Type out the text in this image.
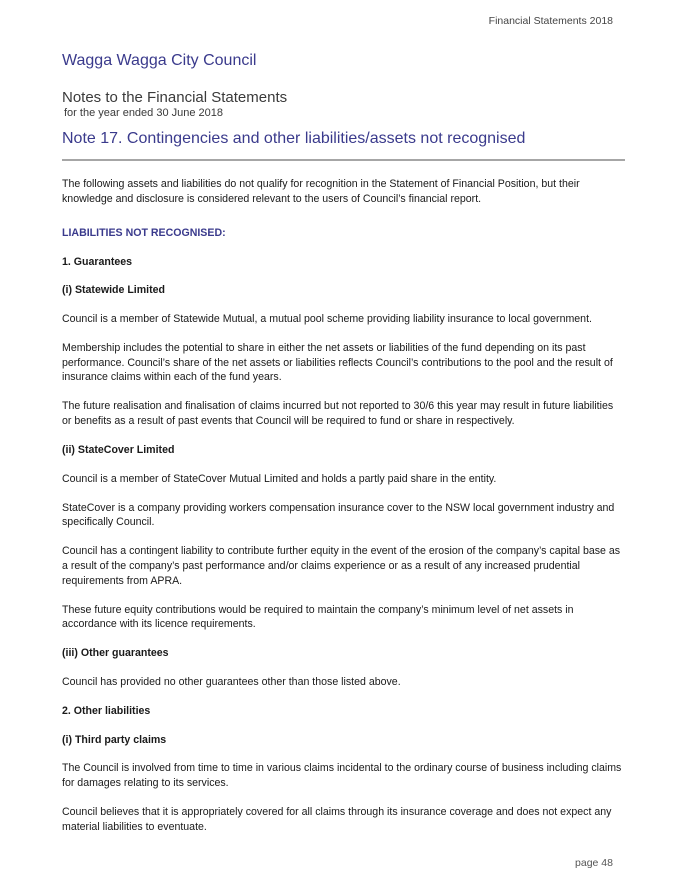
Financial Statements 2018
Wagga Wagga City Council
Notes to the Financial Statements
for the year ended 30 June 2018
Note 17. Contingencies and other liabilities/assets not recognised

The following assets and liabilities do not qualify for recognition in the Statement of Financial Position, but their knowledge and disclosure is considered relevant to the users of Council’s financial report.

LIABILITIES NOT RECOGNISED:

1. Guarantees

(i) Statewide Limited

Council is a member of Statewide Mutual, a mutual pool scheme providing liability insurance to local government.

Membership includes the potential to share in either the net assets or liabilities of the fund depending on its past performance. Council’s share of the net assets or liabilities reflects Council’s contributions to the pool and the result of insurance claims within each of the fund years.

The future realisation and finalisation of claims incurred but not reported to 30/6 this year may result in future liabilities or benefits as a result of past events that Council will be required to fund or share in respectively.

(ii) StateCover Limited

Council is a member of StateCover Mutual Limited and holds a partly paid share in the entity.

StateCover is a company providing workers compensation insurance cover to the NSW local government industry and specifically Council.

Council has a contingent liability to contribute further equity in the event of the erosion of the company’s capital base as a result of the company’s past performance and/or claims experience or as a result of any increased prudential requirements from APRA.

These future equity contributions would be required to maintain the company’s minimum level of net assets in accordance with its licence requirements.

(iii) Other guarantees

Council has provided no other guarantees other than those listed above.

2. Other liabilities

(i) Third party claims

The Council is involved from time to time in various claims incidental to the ordinary course of business including claims for damages relating to its services.

Council believes that it is appropriately covered for all claims through its insurance coverage and does not expect any material liabilities to eventuate.

page 48
